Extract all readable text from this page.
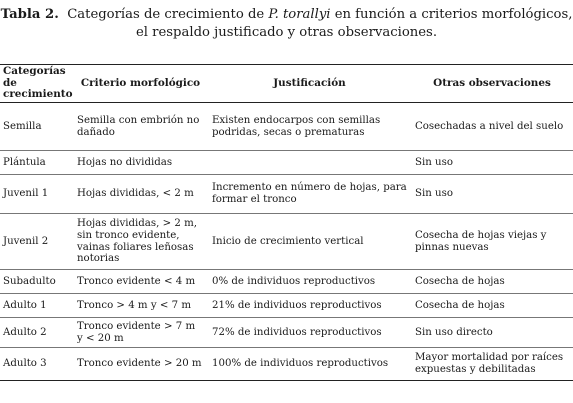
Tabla 2. Categorías de crecimiento de P. torallyi en función a criterios morfológicos,
el respaldo justificado y otras observaciones.
Categorías de crecimiento	Criterio morfológico	Justificación	Otras observaciones
Semilla	Semilla con embrión no dañado	Existen endocarpos con semillas podridas, secas o prematuras	Cosechadas a nivel del suelo
Plántula	Hojas no divididas		Sin uso
Juvenil 1	Hojas divididas, < 2 m	Incremento en número de hojas, para formar el tronco	Sin uso
Juvenil 2	Hojas divididas, > 2 m, sin tronco evidente, vainas foliares leñosas notorias	Inicio de crecimiento vertical	Cosecha de hojas viejas y pinnas nuevas
Subadulto	Tronco evidente < 4 m	0% de individuos reproductivos	Cosecha de hojas
Adulto 1	Tronco > 4 m y < 7 m	21% de individuos reproductivos	Cosecha de hojas
Adulto 2	Tronco evidente > 7 m y < 20 m	72% de individuos reproductivos	Sin uso directo
Adulto 3	Tronco evidente > 20 m	100% de individuos reproductivos	Mayor mortalidad por raíces expuestas y debilitadas
